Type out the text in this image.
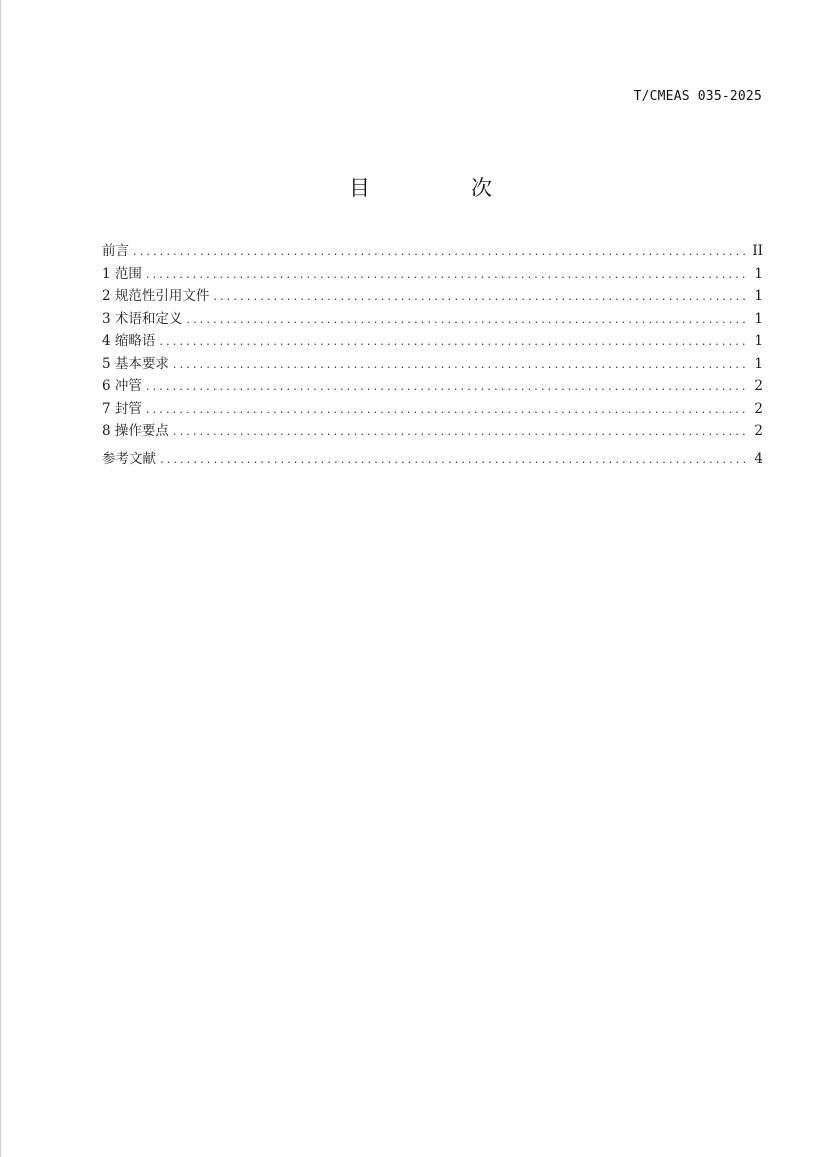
T/CMEAS 035-2025
目　次
前言 .....	II
1 范围 .....	1
2 规范性引用文件 .....	1
3 术语和定义 .....	1
4 缩略语 .....	1
5 基本要求 .....	1
6 冲管 .....	2
7 封管 .....	2
8 操作要点 .....	2
参考文献 .....	4
